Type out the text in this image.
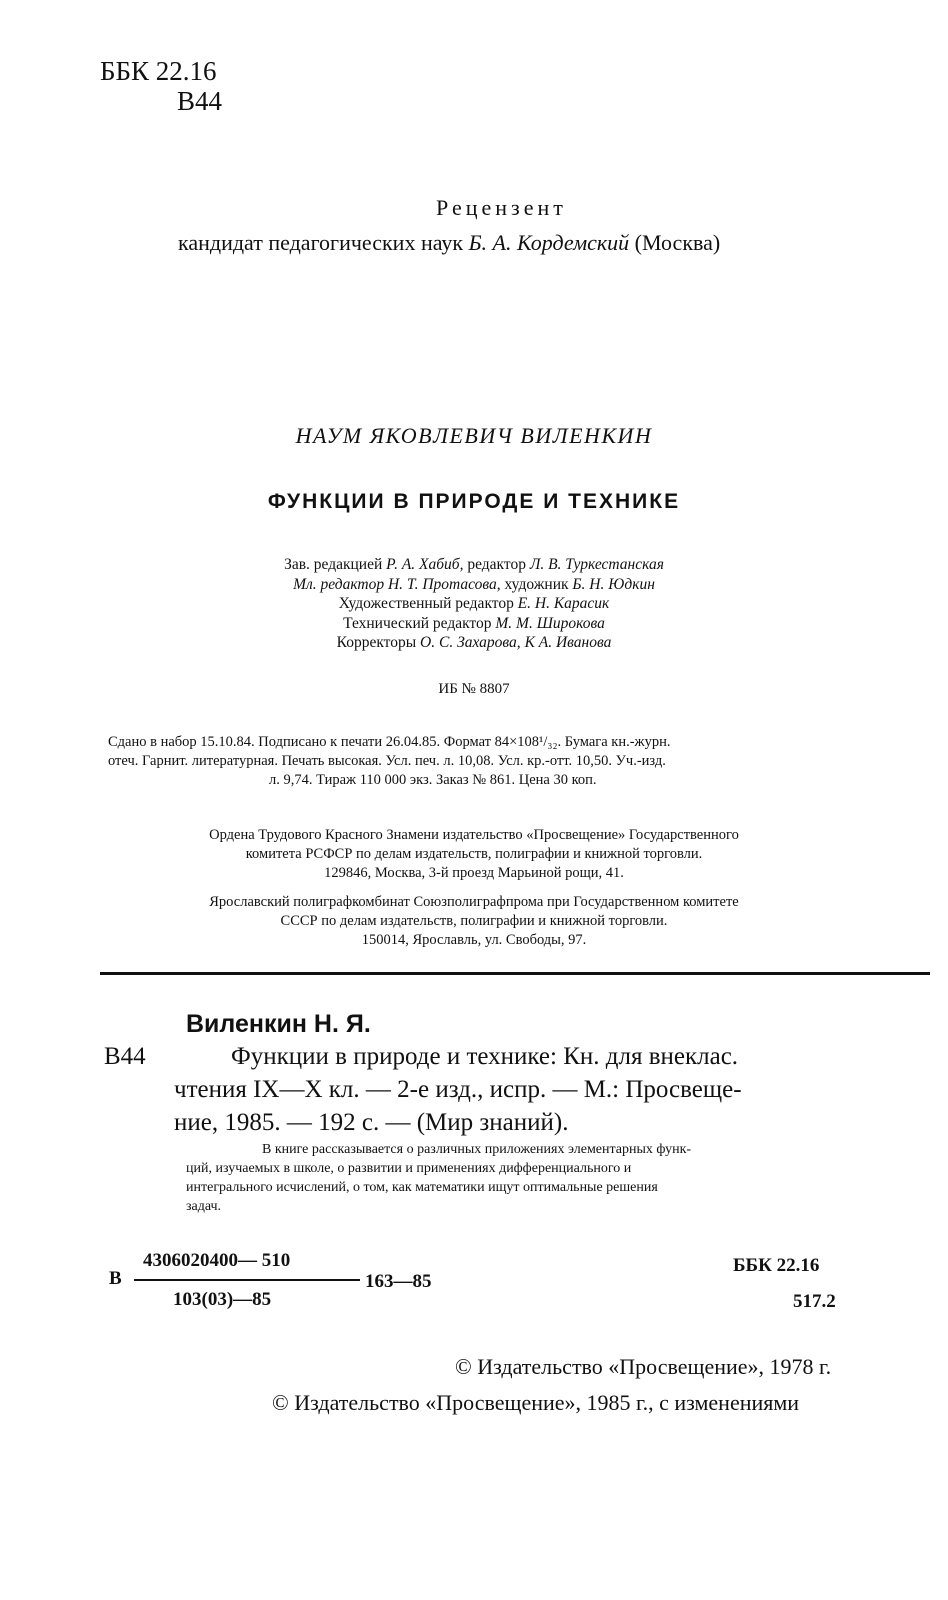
ББК 22.16
В44
Рецензент
кандидат педагогических наук Б. А. Кордемский (Москва)
НАУМ ЯКОВЛЕВИЧ ВИЛЕНКИН
ФУНКЦИИ В ПРИРОДЕ И ТЕХНИКЕ
Зав. редакцией Р. А. Хабиб, редактор Л. В. Туркестанская
Мл. редактор Н. Т. Протасова, художник Б. Н. Юдкин
Художественный редактор Е. Н. Карасик
Технический редактор М. М. Широкова
Корректоры О. С. Захарова, К А. Иванова
ИБ № 8807
Сдано в набор 15.10.84. Подписано к печати 26.04.85. Формат 84×108¹/₃₂. Бумага кн.-журн.
отеч. Гарнит. литературная. Печать высокая. Усл. печ. л. 10,08. Усл. кр.-отт. 10,50. Уч.-изд.
л. 9,74. Тираж 110 000 экз. Заказ № 861. Цена 30 коп.
Ордена Трудового Красного Знамени издательство «Просвещение» Государственного
комитета РСФСР по делам издательств, полиграфии и книжной торговли.
129846, Москва, 3-й проезд Марьиной рощи, 41.
Ярославский полиграфкомбинат Союзполиграфпрома при Государственном комитете
СССР по делам издательств, полиграфии и книжной торговли.
150014, Ярославль, ул. Свободы, 97.
Виленкин Н. Я.
В44	Функции в природе и технике: Кн. для внеклас.
чтения IX—X кл. — 2-е изд., испр. — М.: Просвеще-
ние, 1985. — 192 с. — (Мир знаний).
В книге рассказывается о различных приложениях элементарных функ-
ций, изучаемых в школе, о развитии и применениях дифференциального и
интегрального исчислений, о том, как математики ищут оптимальные решения
задач.
В
4306020400— 510
103(03)—85
163—85
ББК 22.16
517.2
© Издательство «Просвещение», 1978 г.
© Издательство «Просвещение», 1985 г., с изменениями
